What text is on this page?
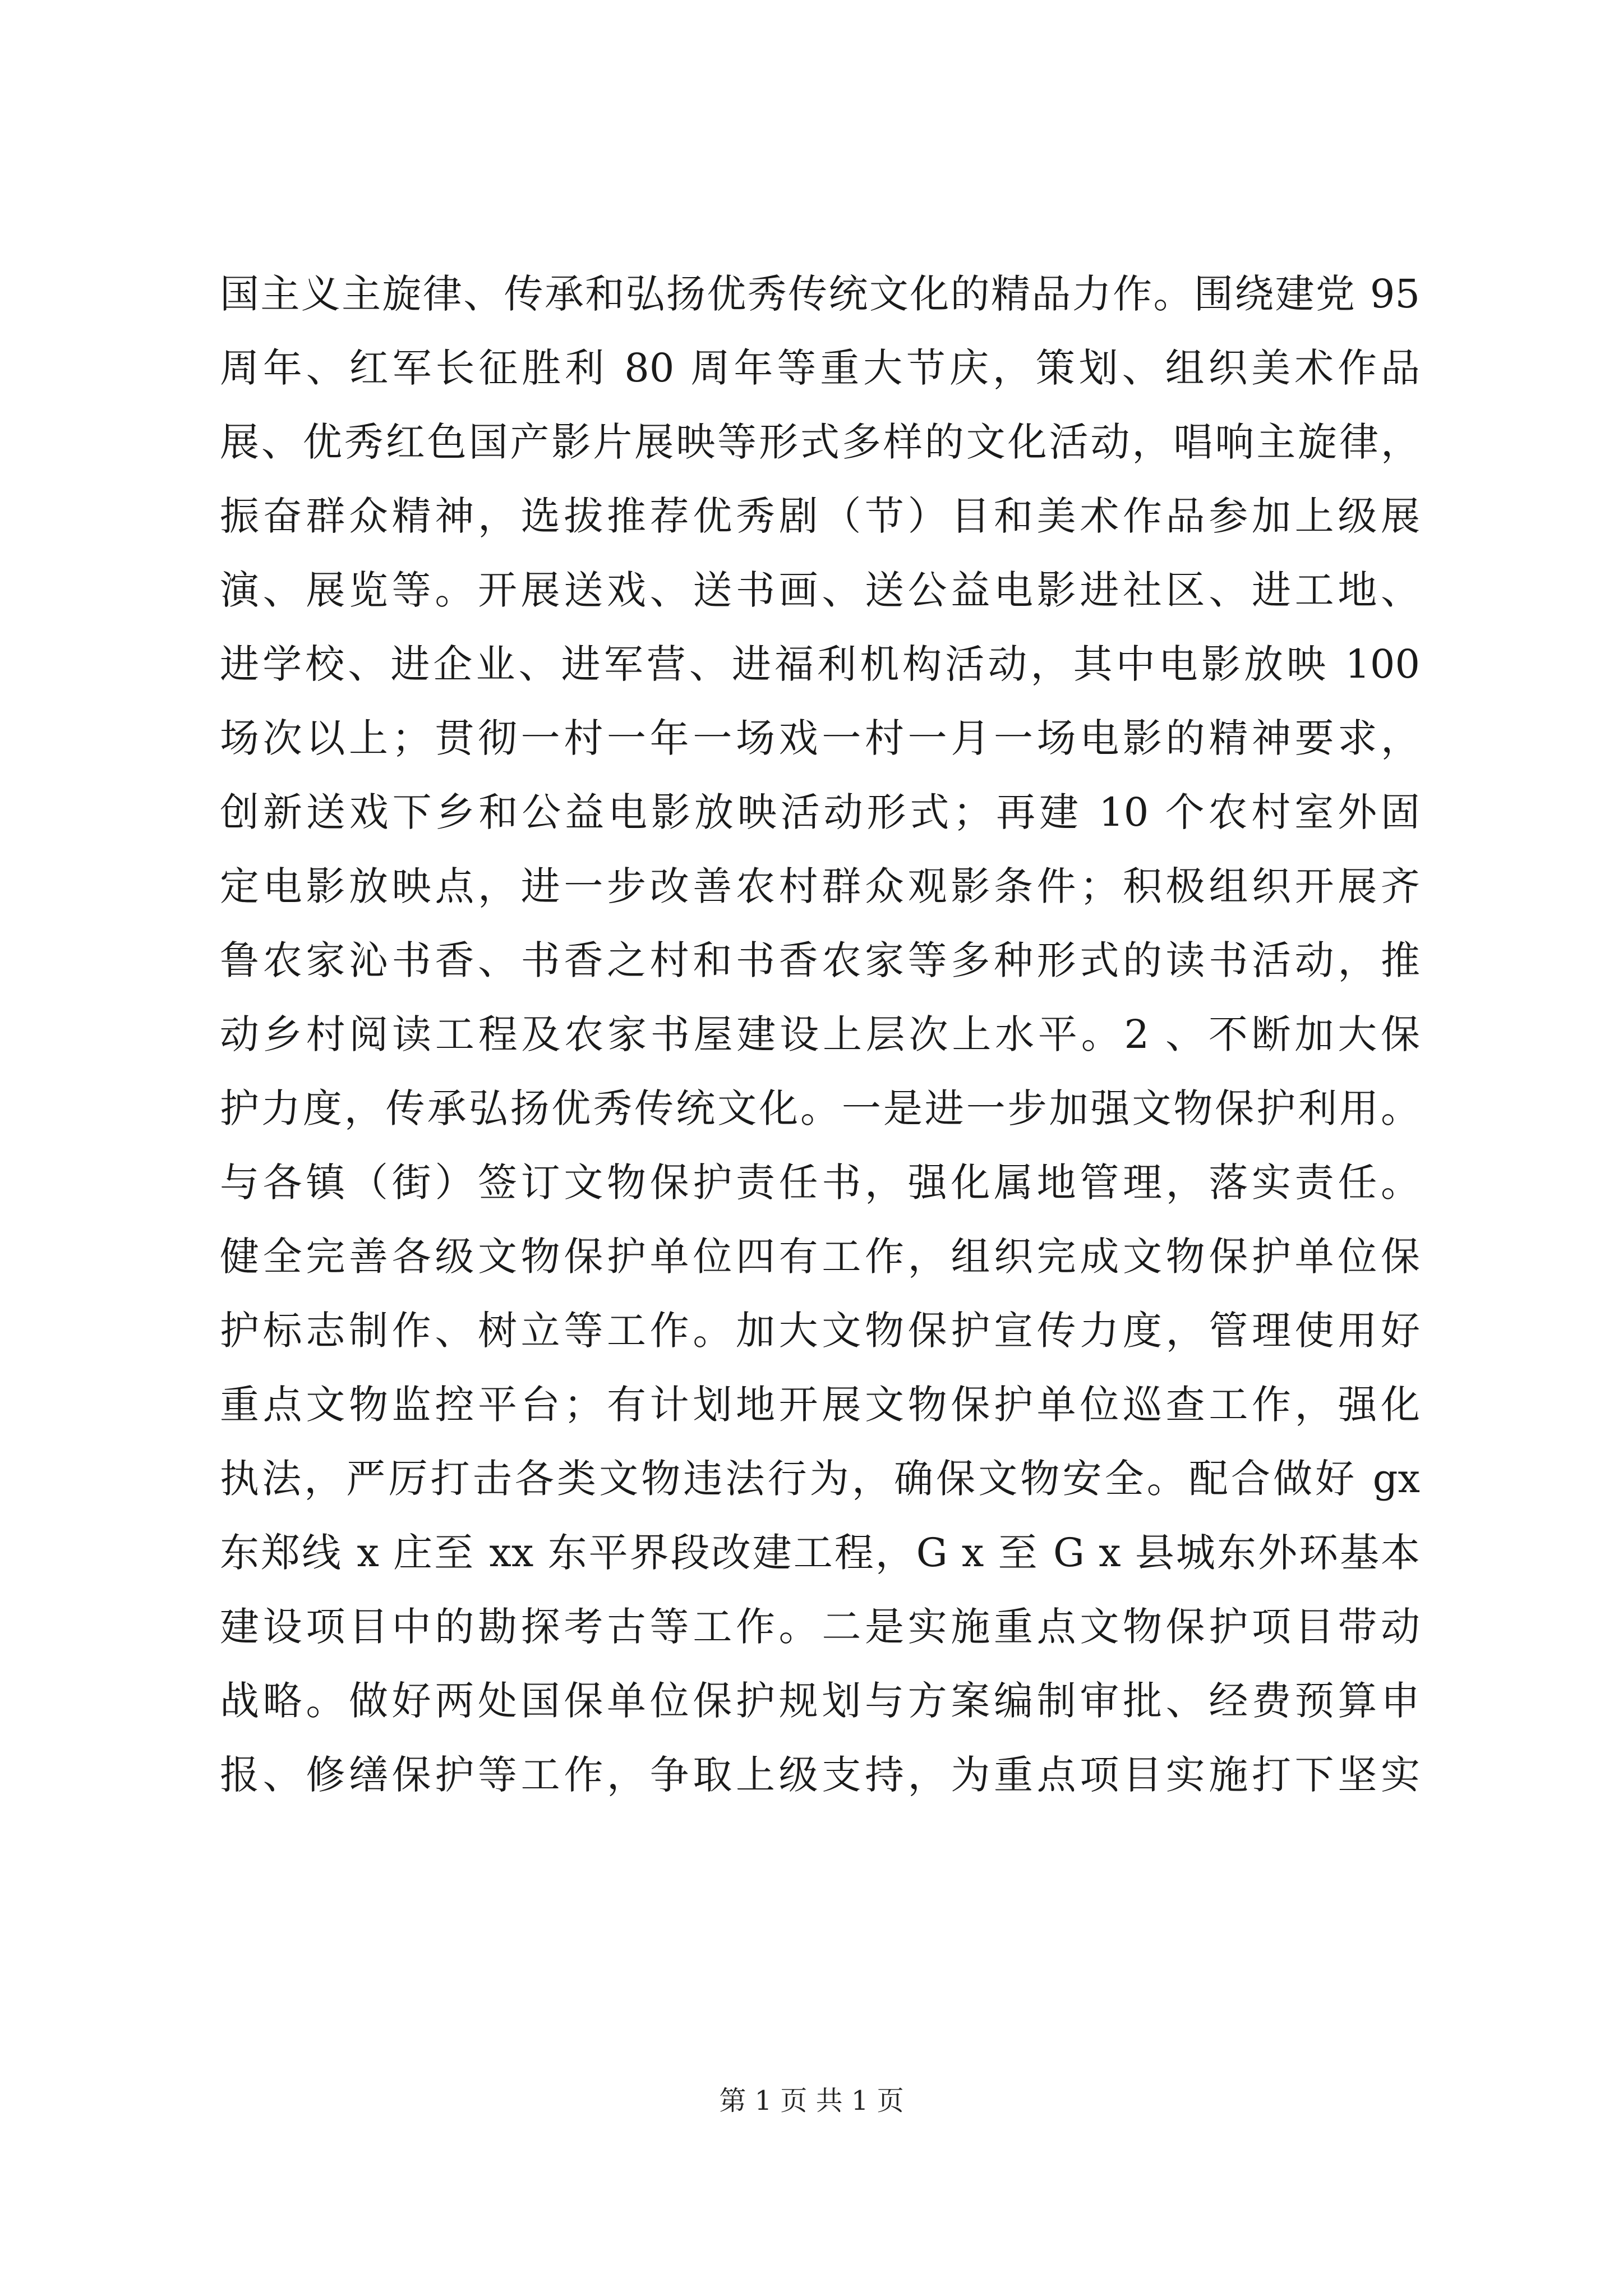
国主义主旋律、传承和弘扬优秀传统文化的精品力作。围绕建党 95
周年、红军长征胜利 80 周年等重大节庆，策划、组织美术作品
展、优秀红色国产影片展映等形式多样的文化活动，唱响主旋律，
振奋群众精神，选拔推荐优秀剧（节）目和美术作品参加上级展
演、展览等。开展送戏、送书画、送公益电影进社区、进工地、
进学校、进企业、进军营、进福利机构活动，其中电影放映 100
场次以上；贯彻一村一年一场戏一村一月一场电影的精神要求，
创新送戏下乡和公益电影放映活动形式；再建 10 个农村室外固
定电影放映点，进一步改善农村群众观影条件；积极组织开展齐
鲁农家沁书香、书香之村和书香农家等多种形式的读书活动，推
动乡村阅读工程及农家书屋建设上层次上水平。2 、不断加大保
护力度，传承弘扬优秀传统文化。一是进一步加强文物保护利用。
与各镇（街）签订文物保护责任书，强化属地管理，落实责任。
健全完善各级文物保护单位四有工作，组织完成文物保护单位保
护标志制作、树立等工作。加大文物保护宣传力度，管理使用好
重点文物监控平台；有计划地开展文物保护单位巡查工作，强化
执法，严厉打击各类文物违法行为，确保文物安全。配合做好 gx
东郑线 x 庄至 xx 东平界段改建工程，G x 至 G x 县城东外环基本
建设项目中的勘探考古等工作。二是实施重点文物保护项目带动
战略。做好两处国保单位保护规划与方案编制审批、经费预算申
报、修缮保护等工作，争取上级支持，为重点项目实施打下坚实
第 1 页 共 1 页
